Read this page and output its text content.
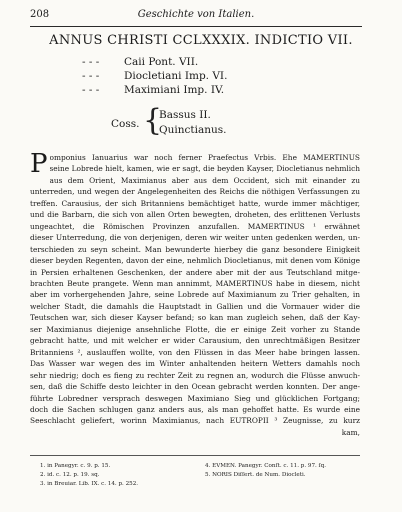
208	Geschichte von Italien.
ANNUS CHRISTI CCLXXXIX. INDICTIO VII.
- - - Caii Pont. VII.
- - - Diocletiani Imp. VI.
- - - Maximiani Imp. IV.
Coss. {
Bassus II.
Quinctianus.
P omponius Ianuarius war noch ferner Praefectus Vrbis. Ehe MAMERTINUS
seine Lobrede hielt, kamen, wie er sagt, die beyden Kayser, Diocletianus nehmlich
aus dem Orient, Maximianus aber aus dem Occident, sich mit einander zu
unterreden, und wegen der Angelegenheiten des Reichs die nöthigen Verfassungen zu
treffen. Carausius, der sich Britanniens bemächtiget hatte, wurde immer mächtiger,
und die Barbarn, die sich von allen Orten bewegten, droheten, des erlittenen Verlusts
ungeachtet, die Römischen Provinzen anzufallen. MAMERTINUS ¹ erwähnet
dieser Unterredung, die von derjenigen, deren wir weiter unten gedenken werden, un-
terschieden zu seyn scheint. Man bewunderte hierbey die ganz besondere Einigkeit
dieser beyden Regenten, davon der eine, nehmlich Diocletianus, mit denen vom Könige
in Persien erhaltenen Geschenken, der andere aber mit der aus Teutschland mitge-
brachten Beute prangete. Wenn man annimmt, MAMERTINUS habe in diesem, nicht
aber im vorhergehenden Jahre, seine Lobrede auf Maximianum zu Trier gehalten, in
welcher Stadt, die damahls die Hauptstadt in Gallien und die Vormauer wider die
Teutschen war, sich dieser Kayser befand; so kan man zugleich sehen, daß der Kay-
ser Maximianus diejenige ansehnliche Flotte, die er einige Zeit vorher zu Stande
gebracht hatte, und mit welcher er wider Carausium, den unrechtmäßigen Besitzer
Britanniens ², auslauffen wollte, von den Flüssen in das Meer habe bringen lassen.
Das Wasser war wegen des im Winter anhaltenden heitern Wetters damahls noch
sehr niedrig; doch es fieng zu rechter Zeit zu regnen an, wodurch die Flüsse anwuch-
sen, daß die Schiffe desto leichter in den Ocean gebracht werden konnten. Der ange-
führte Lobredner versprach deswegen Maximiano Sieg und glücklichen Fortgang;
doch die Sachen schlugen ganz anders aus, als man gehoffet hatte. Es wurde eine
Seeschlacht geliefert, worinn Maximianus, nach EUTROPII ³ Zeugnisse, zu kurz
kam,
1. in Panegyr. c. 9. p. 15.
2. id. c. 12. p. 19. sq.
3. in Breuiar. Lib. IX. c. 14. p. 252.
4. EVMEN. Panegyr. Conſt. c. 11. p. 97. ſq.
5. NORIS Diſſert. de Num. Diocleti.
